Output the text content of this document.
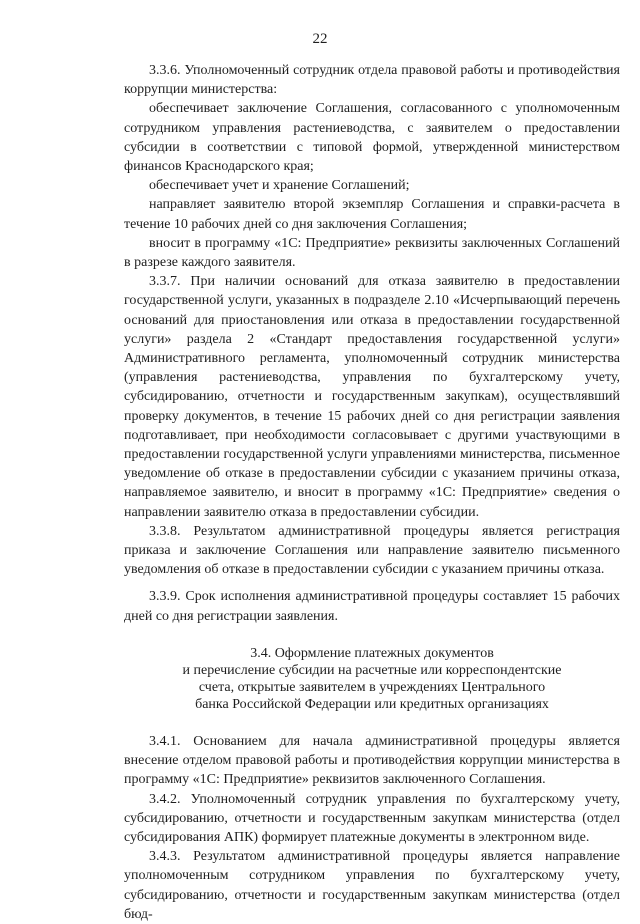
22

3.3.6. Уполномоченный сотрудник отдела правовой работы и противодействия коррупции министерства:

обеспечивает заключение Соглашения, согласованного с уполномоченным сотрудником управления растениеводства, с заявителем о предоставлении субсидии в соответствии с типовой формой, утвержденной министерством финансов Краснодарского края;

обеспечивает учет и хранение Соглашений;

направляет заявителю второй экземпляр Соглашения и справки-расчета в течение 10 рабочих дней со дня заключения Соглашения;

вносит в программу «1С: Предприятие» реквизиты заключенных Соглашений в разрезе каждого заявителя.

3.3.7. При наличии оснований для отказа заявителю в предоставлении государственной услуги, указанных в подразделе 2.10 «Исчерпывающий перечень оснований для приостановления или отказа в предоставлении государственной услуги» раздела 2 «Стандарт предоставления государственной услуги» Административного регламента, уполномоченный сотрудник министерства (управления растениеводства, управления по бухгалтерскому учету, субсидированию, отчетности и государственным закупкам), осуществлявший проверку документов, в течение 15 рабочих дней со дня регистрации заявления подготавливает, при необходимости согласовывает с другими участвующими в предоставлении государственной услуги управлениями министерства, письменное уведомление об отказе в предоставлении субсидии с указанием причины отказа, направляемое заявителю, и вносит в программу «1С: Предприятие» сведения о направлении заявителю отказа в предоставлении субсидии.

3.3.8. Результатом административной процедуры является регистрация приказа и заключение Соглашения или направление заявителю письменного уведомления об отказе в предоставлении субсидии с указанием причины отказа.

3.3.9. Срок исполнения административной процедуры составляет 15 рабочих дней со дня регистрации заявления.

3.4. Оформление платежных документов
и перечисление субсидии на расчетные или корреспондентские
счета, открытые заявителем в учреждениях Центрального
банка Российской Федерации или кредитных организациях

3.4.1. Основанием для начала административной процедуры является внесение отделом правовой работы и противодействия коррупции министерства в программу «1С: Предприятие» реквизитов заключенного Соглашения.

3.4.2. Уполномоченный сотрудник управления по бухгалтерскому учету, субсидированию, отчетности и государственным закупкам министерства (отдел субсидирования АПК) формирует платежные документы в электронном виде.

3.4.3. Результатом административной процедуры является направление уполномоченным сотрудником управления по бухгалтерскому учету, субсидированию, отчетности и государственным закупкам министерства (отдел бюд-
